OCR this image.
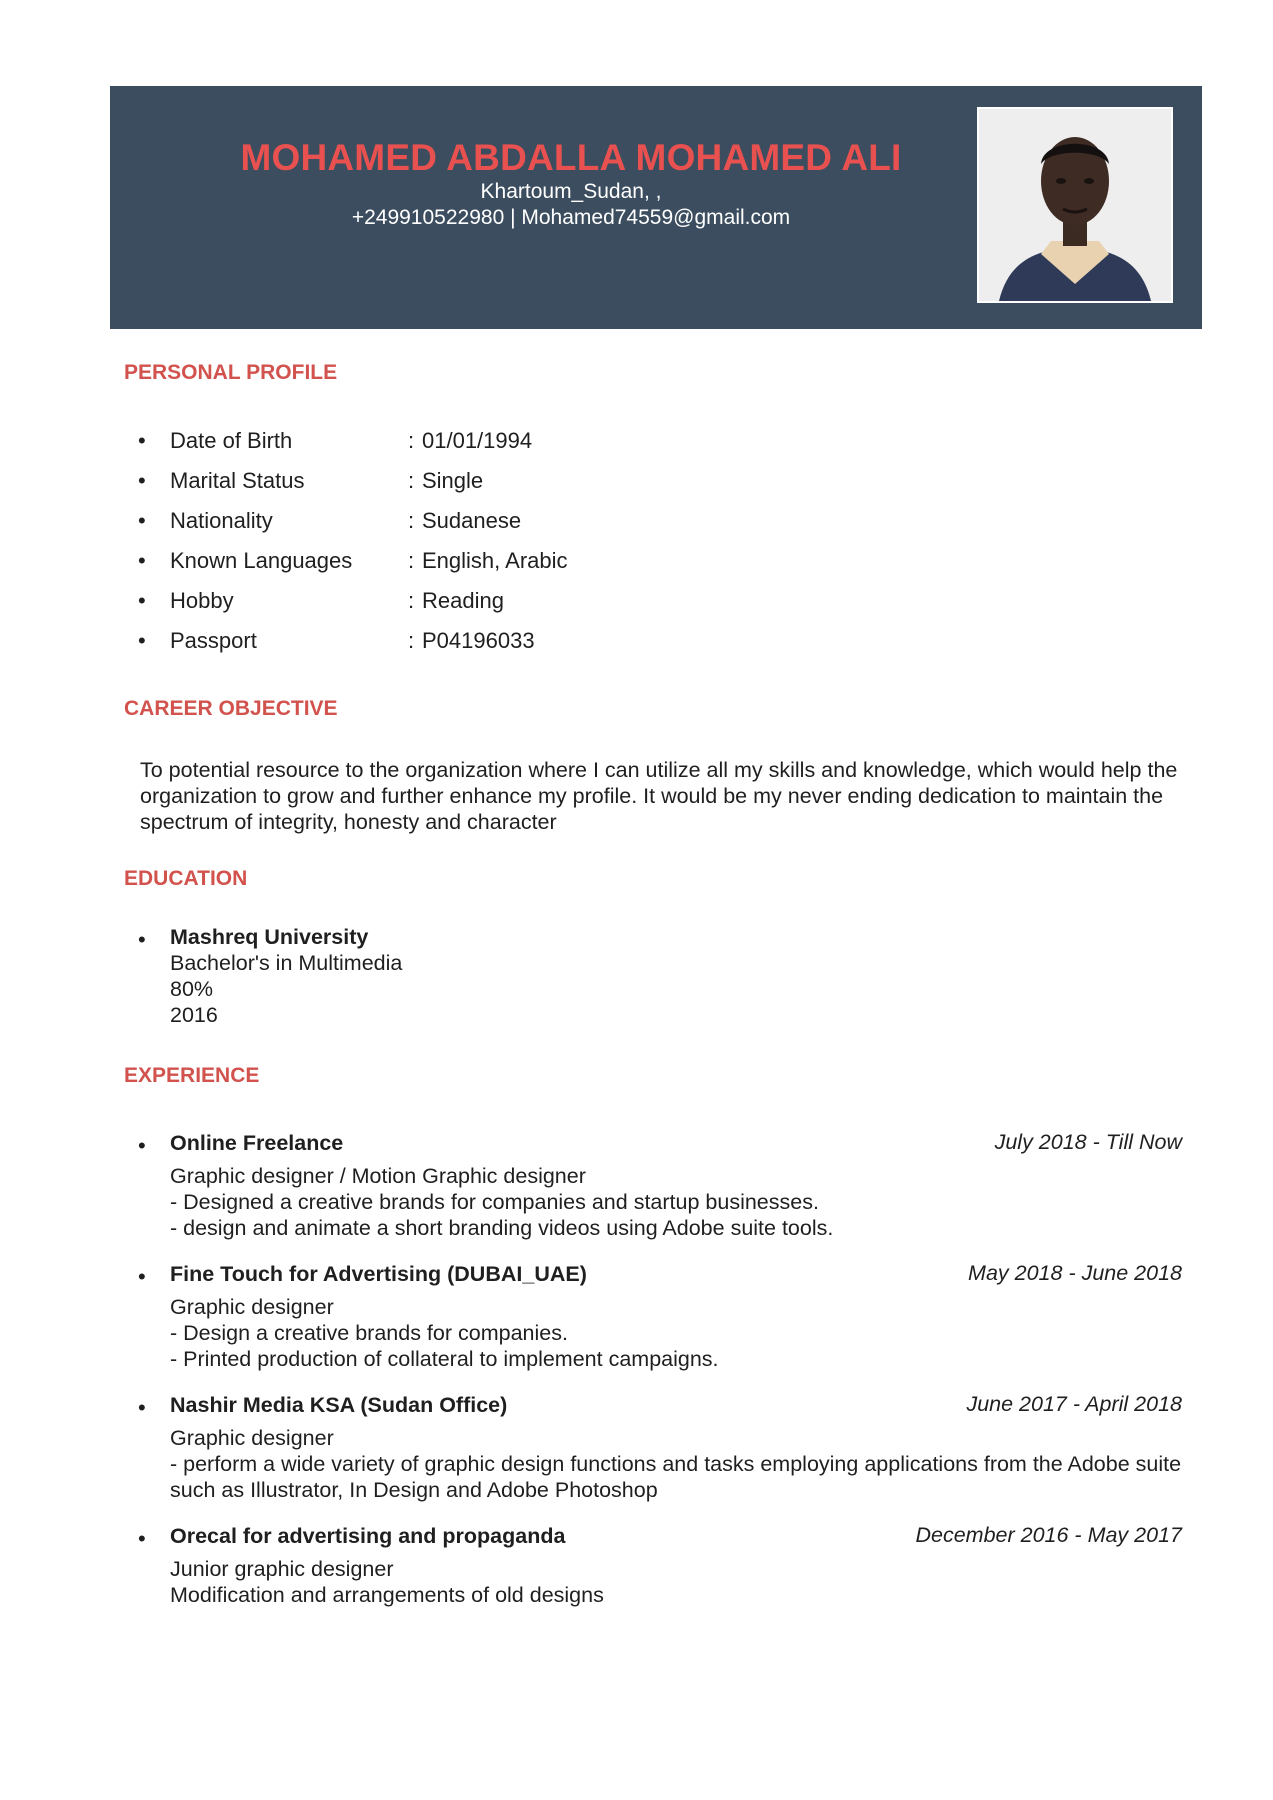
MOHAMED ABDALLA MOHAMED ALI
Khartoum_Sudan, ,
+249910522980 | Mohamed74559@gmail.com
PERSONAL PROFILE
• Date of Birth	: 01/01/1994
• Marital Status	: Single
• Nationality	: Sudanese
• Known Languages	: English, Arabic
• Hobby	: Reading
• Passport	: P04196033
CAREER OBJECTIVE
To potential resource to the organization where I can utilize all my skills and knowledge, which would help the organization to grow and further enhance my profile. It would be my never ending dedication to maintain the spectrum of integrity, honesty and character
EDUCATION
• Mashreq University
Bachelor's in Multimedia
80%
2016
EXPERIENCE
• Online Freelance
Graphic designer / Motion Graphic designer
- Designed a creative brands for companies and startup businesses.
- design and animate a short branding videos using Adobe suite tools.
July 2018 - Till Now
• Fine Touch for Advertising (DUBAI_UAE)
Graphic designer
- Design a creative brands for companies.
- Printed production of collateral to implement campaigns.
May 2018 - June 2018
• Nashir Media KSA (Sudan Office)
Graphic designer
- perform a wide variety of graphic design functions and tasks employing applications from the Adobe suite such as Illustrator, In Design and Adobe Photoshop
June 2017 - April 2018
• Orecal for advertising and propaganda
Junior graphic designer
Modification and arrangements of old designs
December 2016 - May 2017
